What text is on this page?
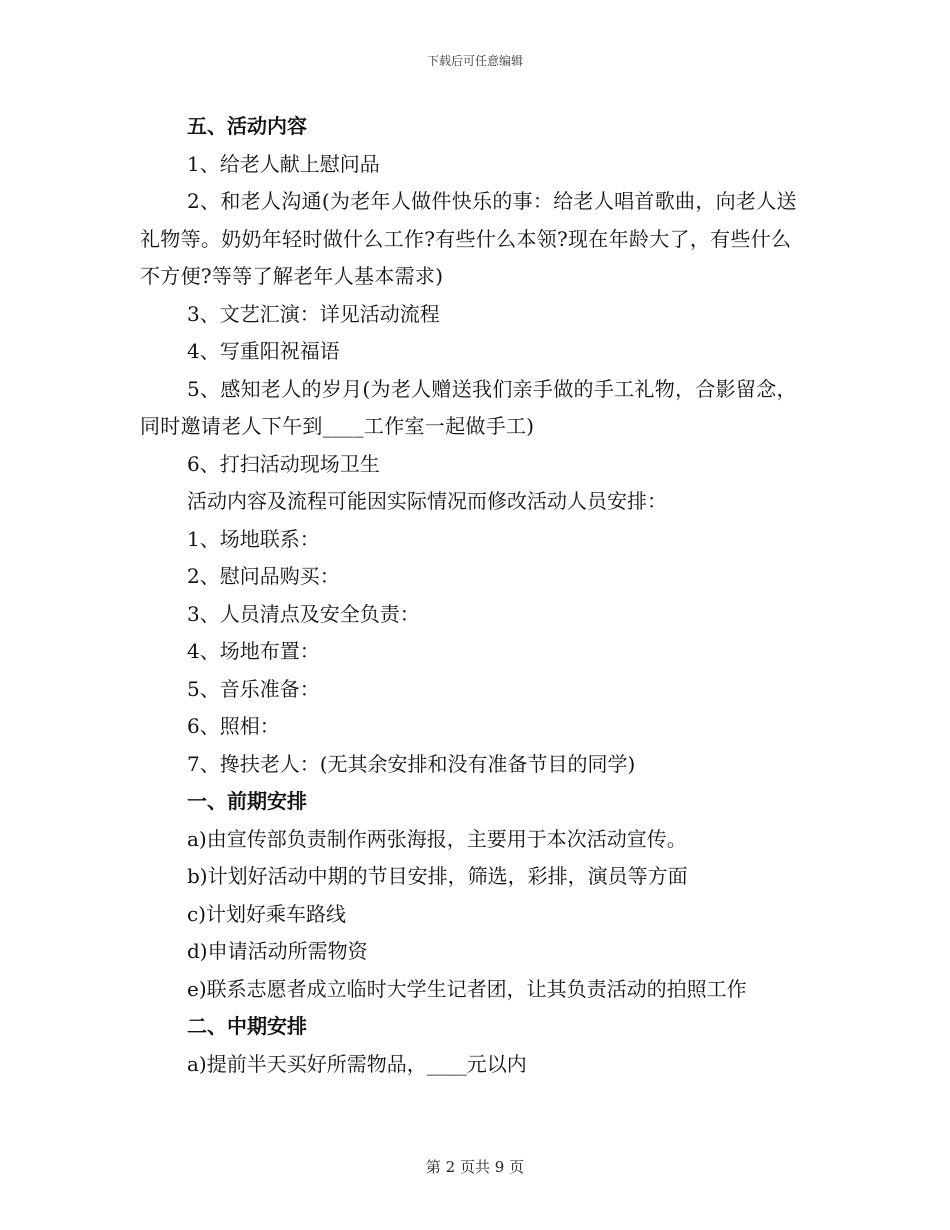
下载后可任意编辑
五、活动内容
1、给老人献上慰问品
2、和老人沟通(为老年人做件快乐的事：给老人唱首歌曲，向老人送礼物等。奶奶年轻时做什么工作?有些什么本领?现在年龄大了，有些什么不方便?等等了解老年人基本需求)
3、文艺汇演：详见活动流程
4、写重阳祝福语
5、感知老人的岁月(为老人赠送我们亲手做的手工礼物，合影留念，同时邀请老人下午到____工作室一起做手工)
6、打扫活动现场卫生
活动内容及流程可能因实际情况而修改活动人员安排：
1、场地联系：
2、慰问品购买：
3、人员清点及安全负责：
4、场地布置：
5、音乐准备：
6、照相：
7、搀扶老人：(无其余安排和没有准备节目的同学)
一、前期安排
a)由宣传部负责制作两张海报，主要用于本次活动宣传。
b)计划好活动中期的节目安排，筛选，彩排，演员等方面
c)计划好乘车路线
d)申请活动所需物资
e)联系志愿者成立临时大学生记者团，让其负责活动的拍照工作
二、中期安排
a)提前半天买好所需物品，____元以内
第 2 页共 9 页
